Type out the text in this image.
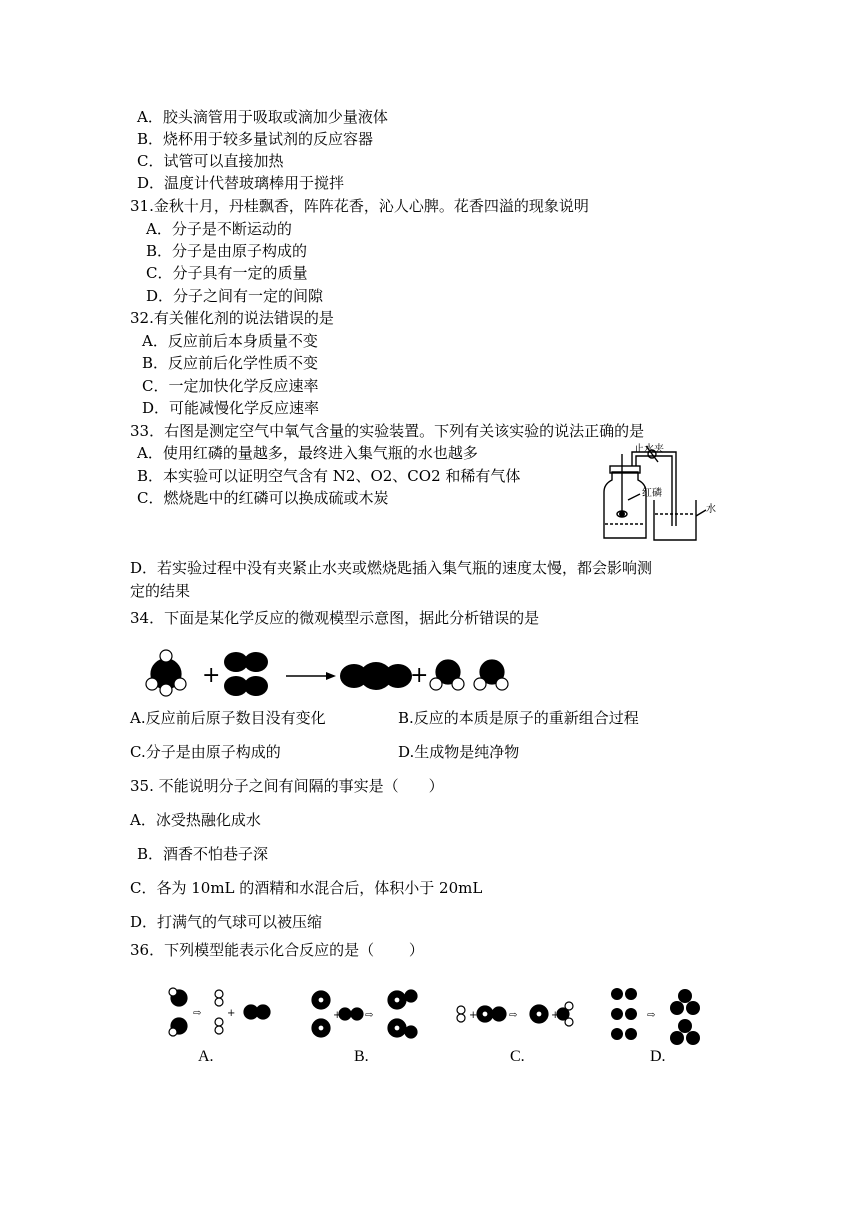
A．胶头滴管用于吸取或滴加少量液体
B．烧杯用于较多量试剂的反应容器
C．试管可以直接加热
D．温度计代替玻璃棒用于搅拌
31.金秋十月，丹桂飘香，阵阵花香，沁人心脾。花香四溢的现象说明
A．分子是不断运动的
B．分子是由原子构成的
C．分子具有一定的质量
D．分子之间有一定的间隙
32.有关催化剂的说法错误的是
A．反应前后本身质量不变
B．反应前后化学性质不变
C．一定加快化学反应速率
D．可能减慢化学反应速率
33．右图是测定空气中氧气含量的实验装置。下列有关该实验的说法正确的是
A．使用红磷的量越多，最终进入集气瓶的水也越多
B．本实验可以证明空气含有 N2、O2、CO2 和稀有气体
C．燃烧匙中的红磷可以换成硫或木炭
止水夹
红磷
水
D．若实验过程中没有夹紧止水夹或燃烧匙插入集气瓶的速度太慢，都会影响测
定的结果
34．下面是某化学反应的微观模型示意图，据此分析错误的是
+	+
A.反应前后原子数目没有变化	B.反应的本质是原子的重新组合过程
C.分子是由原子构成的	D.生成物是纯净物
35. 不能说明分子之间有间隔的事实是（　　）
A．冰受热融化成水
B．酒香不怕巷子深
C．各为 10mL 的酒精和水混合后，体积小于 20mL
D．打满气的气球可以被压缩
36．下列模型能表示化合反应的是（　　 ）
+
⇨	+ ⇨	+	⇨	+	⇨
A.	B.	C.	D.
